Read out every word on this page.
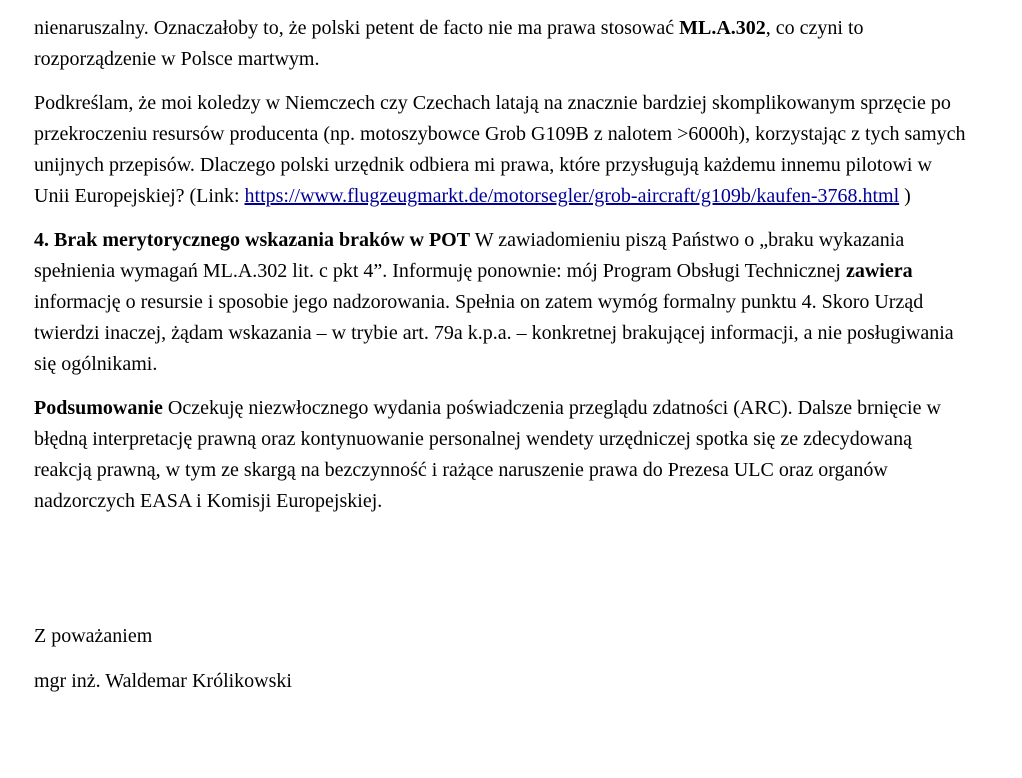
nienaruszalny. Oznaczałoby to, że polski petent de facto nie ma prawa stosować ML.A.302, co czyni to rozporządzenie w Polsce martwym.

Podkreślam, że moi koledzy w Niemczech czy Czechach latają na znacznie bardziej skomplikowanym sprzęcie po przekroczeniu resursów producenta (np. motoszybowce Grob G109B z nalotem >6000h), korzystając z tych samych unijnych przepisów. Dlaczego polski urzędnik odbiera mi prawa, które przysługują każdemu innemu pilotowi w Unii Europejskiej? (Link: https://www.flugzeugmarkt.de/motorsegler/grob-aircraft/g109b/kaufen-3768.html )

4. Brak merytorycznego wskazania braków w POT W zawiadomieniu piszą Państwo o „braku wykazania spełnienia wymagań ML.A.302 lit. c pkt 4”. Informuję ponownie: mój Program Obsługi Technicznej zawiera informację o resursie i sposobie jego nadzorowania. Spełnia on zatem wymóg formalny punktu 4. Skoro Urząd twierdzi inaczej, żądam wskazania – w trybie art. 79a k.p.a. – konkretnej brakującej informacji, a nie posługiwania się ogólnikami.

Podsumowanie Oczekuję niezwłocznego wydania poświadczenia przeglądu zdatności (ARC). Dalsze brnięcie w błędną interpretację prawną oraz kontynuowanie personalnej wendety urzędniczej spotka się ze zdecydowaną reakcją prawną, w tym ze skargą na bezczynność i rażące naruszenie prawa do Prezesa ULC oraz organów nadzorczych EASA i Komisji Europejskiej.

Z poważaniem

mgr inż. Waldemar Królikowski
